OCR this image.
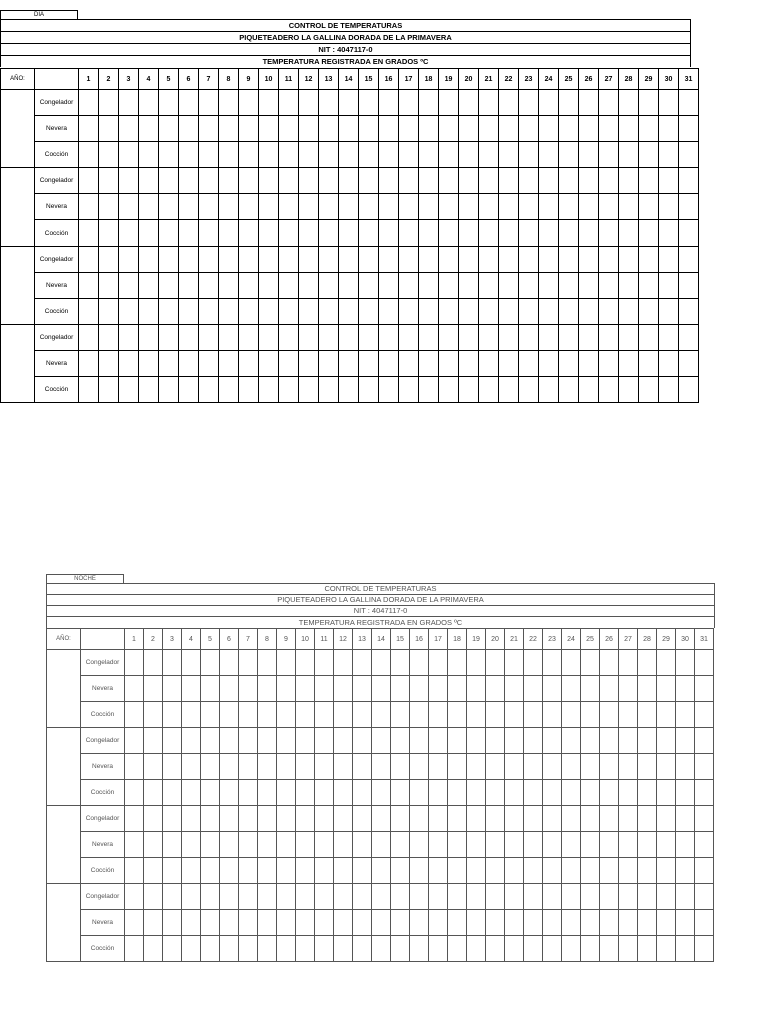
DIA
CONTROL DE TEMPERATURAS
PIQUETEADERO LA GALLINA DORADA DE LA PRIMAVERA
NIT : 4047117-0
TEMPERATURA REGISTRADA EN GRADOS ºC
AÑO:		1	2	3	4	5	6	7	8	9	10	11	12	13	14	15	16	17	18	19	20	21	22	23	24	25	26	27	28	29	30	31
	Congelador																															
	Nevera																															
	Cocción																															
	Congelador																															
	Nevera																															
	Cocción																															
	Congelador																															
	Nevera																															
	Cocción																															
	Congelador																															
	Nevera																															
	Cocción																															
NOCHE
CONTROL DE TEMPERATURAS
PIQUETEADERO LA GALLINA DORADA DE LA PRIMAVERA
NIT : 4047117-0
TEMPERATURA REGISTRADA EN GRADOS ºC
AÑO:		1	2	3	4	5	6	7	8	9	10	11	12	13	14	15	16	17	18	19	20	21	22	23	24	25	26	27	28	29	30	31
	Congelador																															
	Nevera																															
	Cocción																															
	Congelador																															
	Nevera																															
	Cocción																															
	Congelador																															
	Nevera																															
	Cocción																															
	Congelador																															
	Nevera																															
	Cocción																															
